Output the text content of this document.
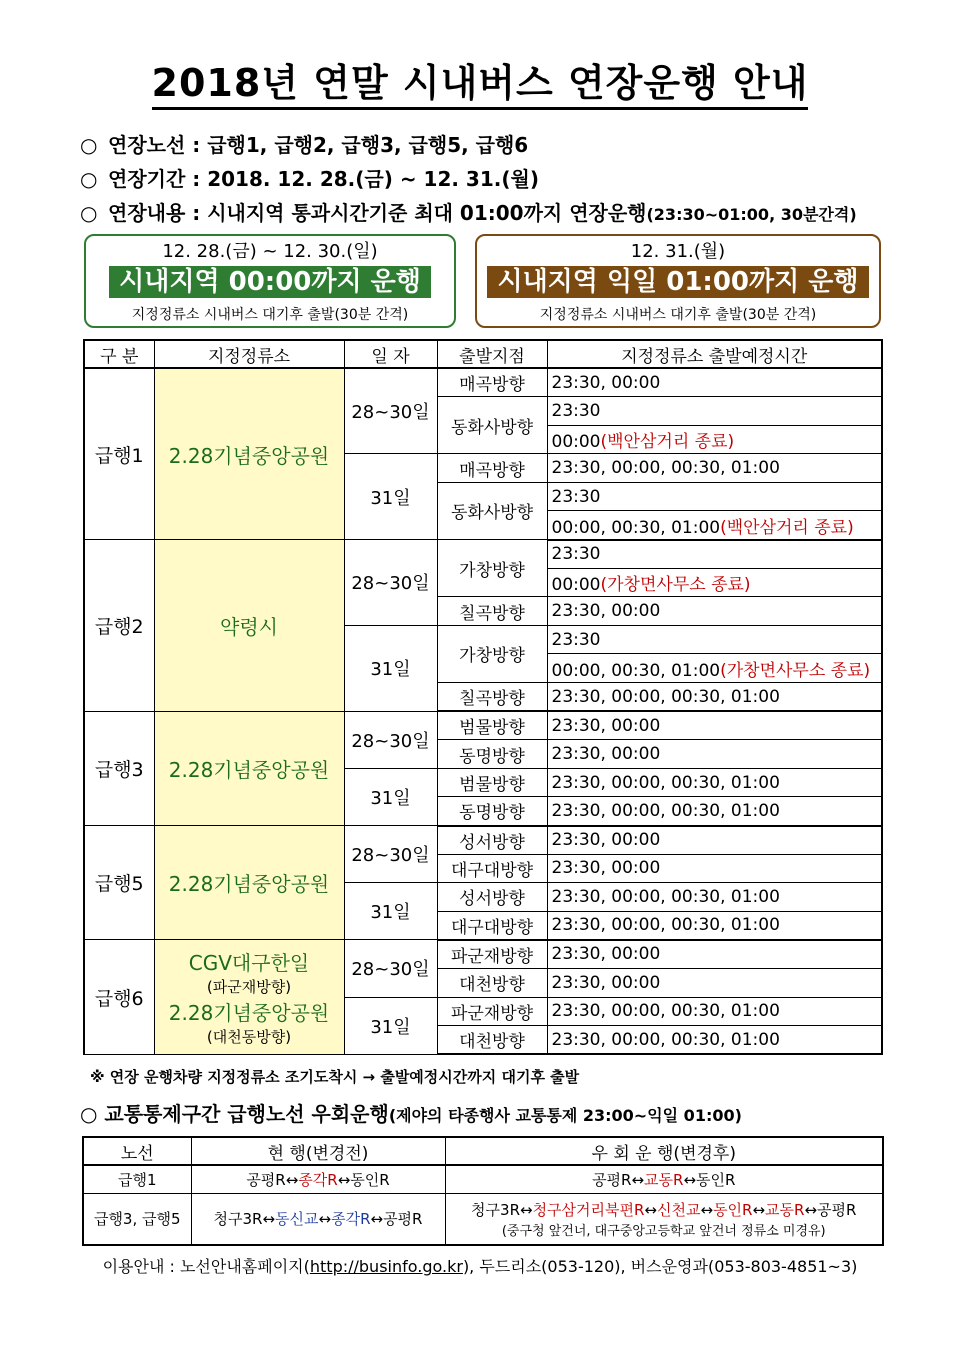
2018년 연말 시내버스 연장운행 안내
○ 연장노선 : 급행1, 급행2, 급행3, 급행5, 급행6
○ 연장기간 : 2018. 12. 28.(금) ~ 12. 31.(월)
○ 연장내용 : 시내지역 통과시간기준 최대 01:00까지 연장운행(23:30~01:00, 30분간격)
12. 28.(금) ~ 12. 30.(일)
시내지역 00:00까지 운행
지정정류소 시내버스 대기후 출발(30분 간격)
12. 31.(월)
시내지역 익일 01:00까지 운행
지정정류소 시내버스 대기후 출발(30분 간격)
구 분	지정정류소	일 자	출발지점	지정정류소 출발예정시간
급행1	2.28기념중앙공원	28~30일	매곡방향	23:30, 00:00
			동화사방향	23:30
				00:00(백안삼거리 종료)
		31일	매곡방향	23:30, 00:00, 00:30, 01:00
			동화사방향	23:30
				00:00, 00:30, 01:00(백안삼거리 종료)
급행2	약령시	28~30일	가창방향	23:30
				00:00(가창면사무소 종료)
			칠곡방향	23:30, 00:00
		31일	가창방향	23:30
				00:00, 00:30, 01:00(가창면사무소 종료)
			칠곡방향	23:30, 00:00, 00:30, 01:00
급행3	2.28기념중앙공원	28~30일	범물방향	23:30, 00:00
			동명방향	23:30, 00:00
		31일	범물방향	23:30, 00:00, 00:30, 01:00
			동명방향	23:30, 00:00, 00:30, 01:00
급행5	2.28기념중앙공원	28~30일	성서방향	23:30, 00:00
			대구대방향	23:30, 00:00
		31일	성서방향	23:30, 00:00, 00:30, 01:00
			대구대방향	23:30, 00:00, 00:30, 01:00
급행6	CGV대구한일
(파군재방향)
2.28기념중앙공원
(대천동방향)	28~30일	파군재방향	23:30, 00:00
			대천방향	23:30, 00:00
		31일	파군재방향	23:30, 00:00, 00:30, 01:00
			대천방향	23:30, 00:00, 00:30, 01:00
※ 연장 운행차량 지정정류소 조기도착시 → 출발예정시간까지 대기후 출발
○ 교통통제구간 급행노선 우회운행(제야의 타종행사 교통통제 23:00~익일 01:00)
노선	현 행(변경전)	우 회 운 행(변경후)
급행1	공평R↔종각R↔동인R	공평R↔교동R↔동인R
급행3, 급행5	청구3R↔동신교↔종각R↔공평R	청구3R↔청구삼거리북편R↔신천교↔동인R↔교동R↔공평R
(중구청 앞건너, 대구중앙고등학교 앞건너 정류소 미경유)
이용안내 : 노선안내홈페이지(http://businfo.go.kr), 두드리소(053-120), 버스운영과(053-803-4851~3)
